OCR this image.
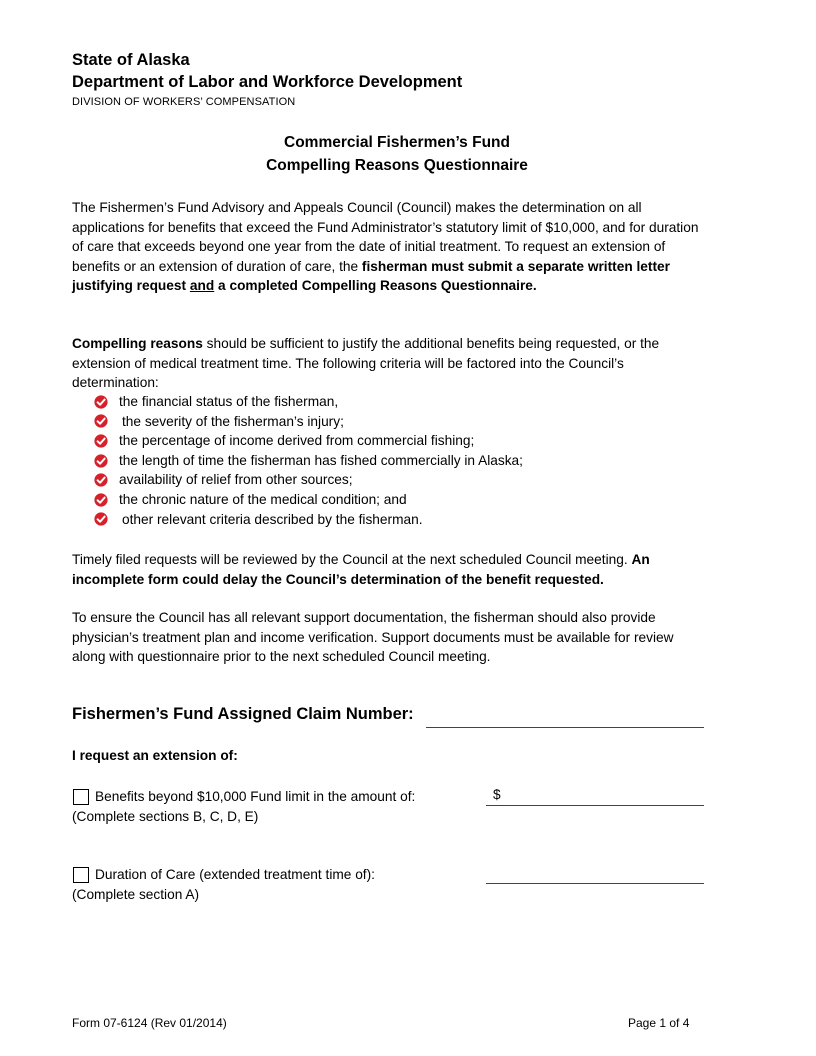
State of Alaska
Department of Labor and Workforce Development
DIVISION OF WORKERS’ COMPENSATION
Commercial Fishermen’s Fund
Compelling Reasons Questionnaire
The Fishermen’s Fund Advisory and Appeals Council (Council) makes the determination on all applications for benefits that exceed the Fund Administrator’s statutory limit of $10,000, and for duration of care that exceeds beyond one year from the date of initial treatment. To request an extension of benefits or an extension of duration of care, the fisherman must submit a separate written letter justifying request and a completed Compelling Reasons Questionnaire.
Compelling reasons should be sufficient to justify the additional benefits being requested, or the extension of medical treatment time. The following criteria will be factored into the Council’s determination:
the financial status of the fisherman,
the severity of the fisherman’s injury;
the percentage of income derived from commercial fishing;
the length of time the fisherman has fished commercially in Alaska;
availability of relief from other sources;
the chronic nature of the medical condition; and
other relevant criteria described by the fisherman.
Timely filed requests will be reviewed by the Council at the next scheduled Council meeting. An incomplete form could delay the Council’s determination of the benefit requested.
To ensure the Council has all relevant support documentation, the fisherman should also provide physician’s treatment plan and income verification. Support documents must be available for review along with questionnaire prior to the next scheduled Council meeting.
Fishermen’s Fund Assigned Claim Number:
I request an extension of:
Benefits beyond $10,000 Fund limit in the amount of:
(Complete sections B, C, D, E)
$
Duration of Care (extended treatment time of):
(Complete section A)
Form 07-6124 (Rev 01/2014)	Page 1 of 4
